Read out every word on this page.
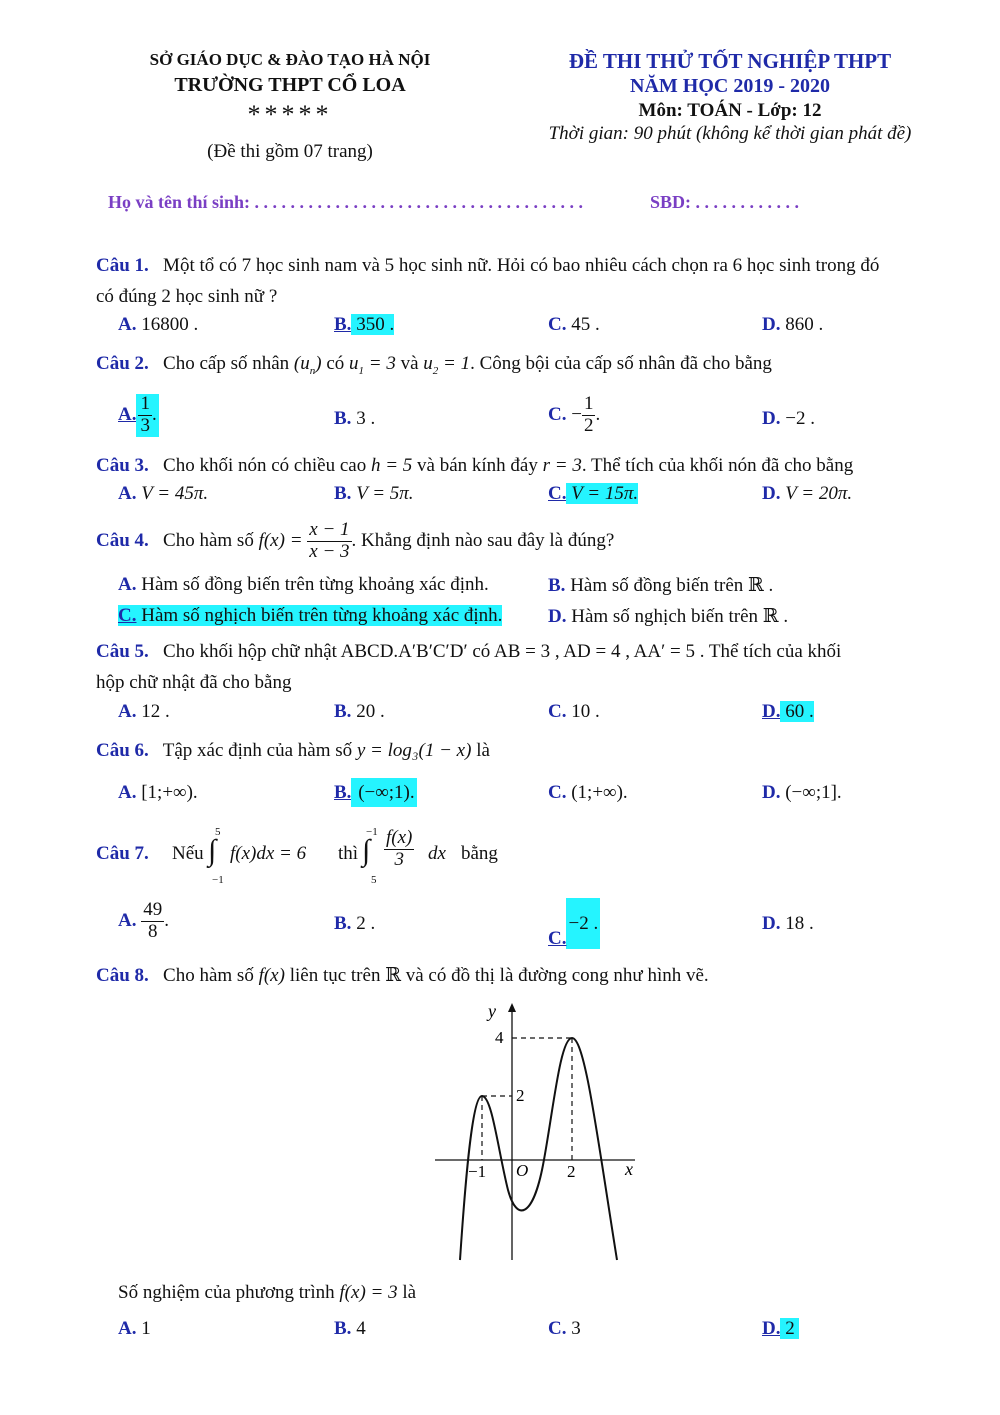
SỞ GIÁO DỤC & ĐÀO TẠO HÀ NỘI
TRƯỜNG THPT CỔ LOA
*****
(Đề thi gồm 07 trang)
ĐỀ THI THỬ TỐT NGHIỆP THPT
NĂM HỌC 2019 - 2020
Môn: TOÁN - Lớp: 12
Thời gian: 90 phút (không kể thời gian phát đề)
Họ và tên thí sinh: . . . . . . . . . . . . . . . . . . . . . . . . . . . . . . . . . . . . .	SBD: . . . . . . . . . . . .
Câu 1. Một tổ có 7 học sinh nam và 5 học sinh nữ. Hỏi có bao nhiêu cách chọn ra 6 học sinh trong đó
có đúng 2 học sinh nữ ?
A. 16800 .	B. 350 .	C. 45 .	D. 860 .
Câu 2. Cho cấp số nhân $(u_n)$ có $u_1 = 3$ và $u_2 = 1$. Công bội của cấp số nhân đã cho bằng
A. $\frac{1}{3}$ .	B. 3 .	C. − $\frac{1}{2}$ .	D. −2 .
Câu 3. Cho khối nón có chiều cao h = 5 và bán kính đáy r = 3. Thể tích của khối nón đã cho bằng
A. V = 45π.	B. V = 5π.	C. V = 15π.	D. V = 20π.
Câu 4. Cho hàm số $f(x) = \frac{x - 1}{x - 3}$ . Khẳng định nào sau đây là đúng?
A. Hàm số đồng biến trên từng khoảng xác định.	B. Hàm số đồng biến trên ℝ .
C. Hàm số nghịch biến trên từng khoảng xác định. D. Hàm số nghịch biến trên ℝ .
Câu 5. Cho khối hộp chữ nhật ABCD.A′B′C′D′ có AB = 3 , AD = 4 , AA′ = 5 . Thể tích của khối
hộp chữ nhật đã cho bằng
A. 12 .	B. 20 .	C. 10 .	D. 60 .
Câu 6. Tập xác định của hàm số y = log₃(1 − x) là
A. [1;+∞).	B. (−∞;1).	C. (1;+∞).	D. (−∞;1].
Câu 7. Nếu
5
∫
−1
f(x)dx = 6 thì
−1
∫
5
$\frac{f(x)}{3}$ dx bằng
A. $\frac{49}{8}$ .	B. 2 .
C.−2 .	D. 18 .
Câu 8. Cho hàm số f(x) liên tục trên ℝ và có đồ thị là đường cong như hình vẽ.
y
x
O
4
2
−1	2
Số nghiệm của phương trình f(x) = 3 là
A. 1	B. 4	C. 3	D. 2
